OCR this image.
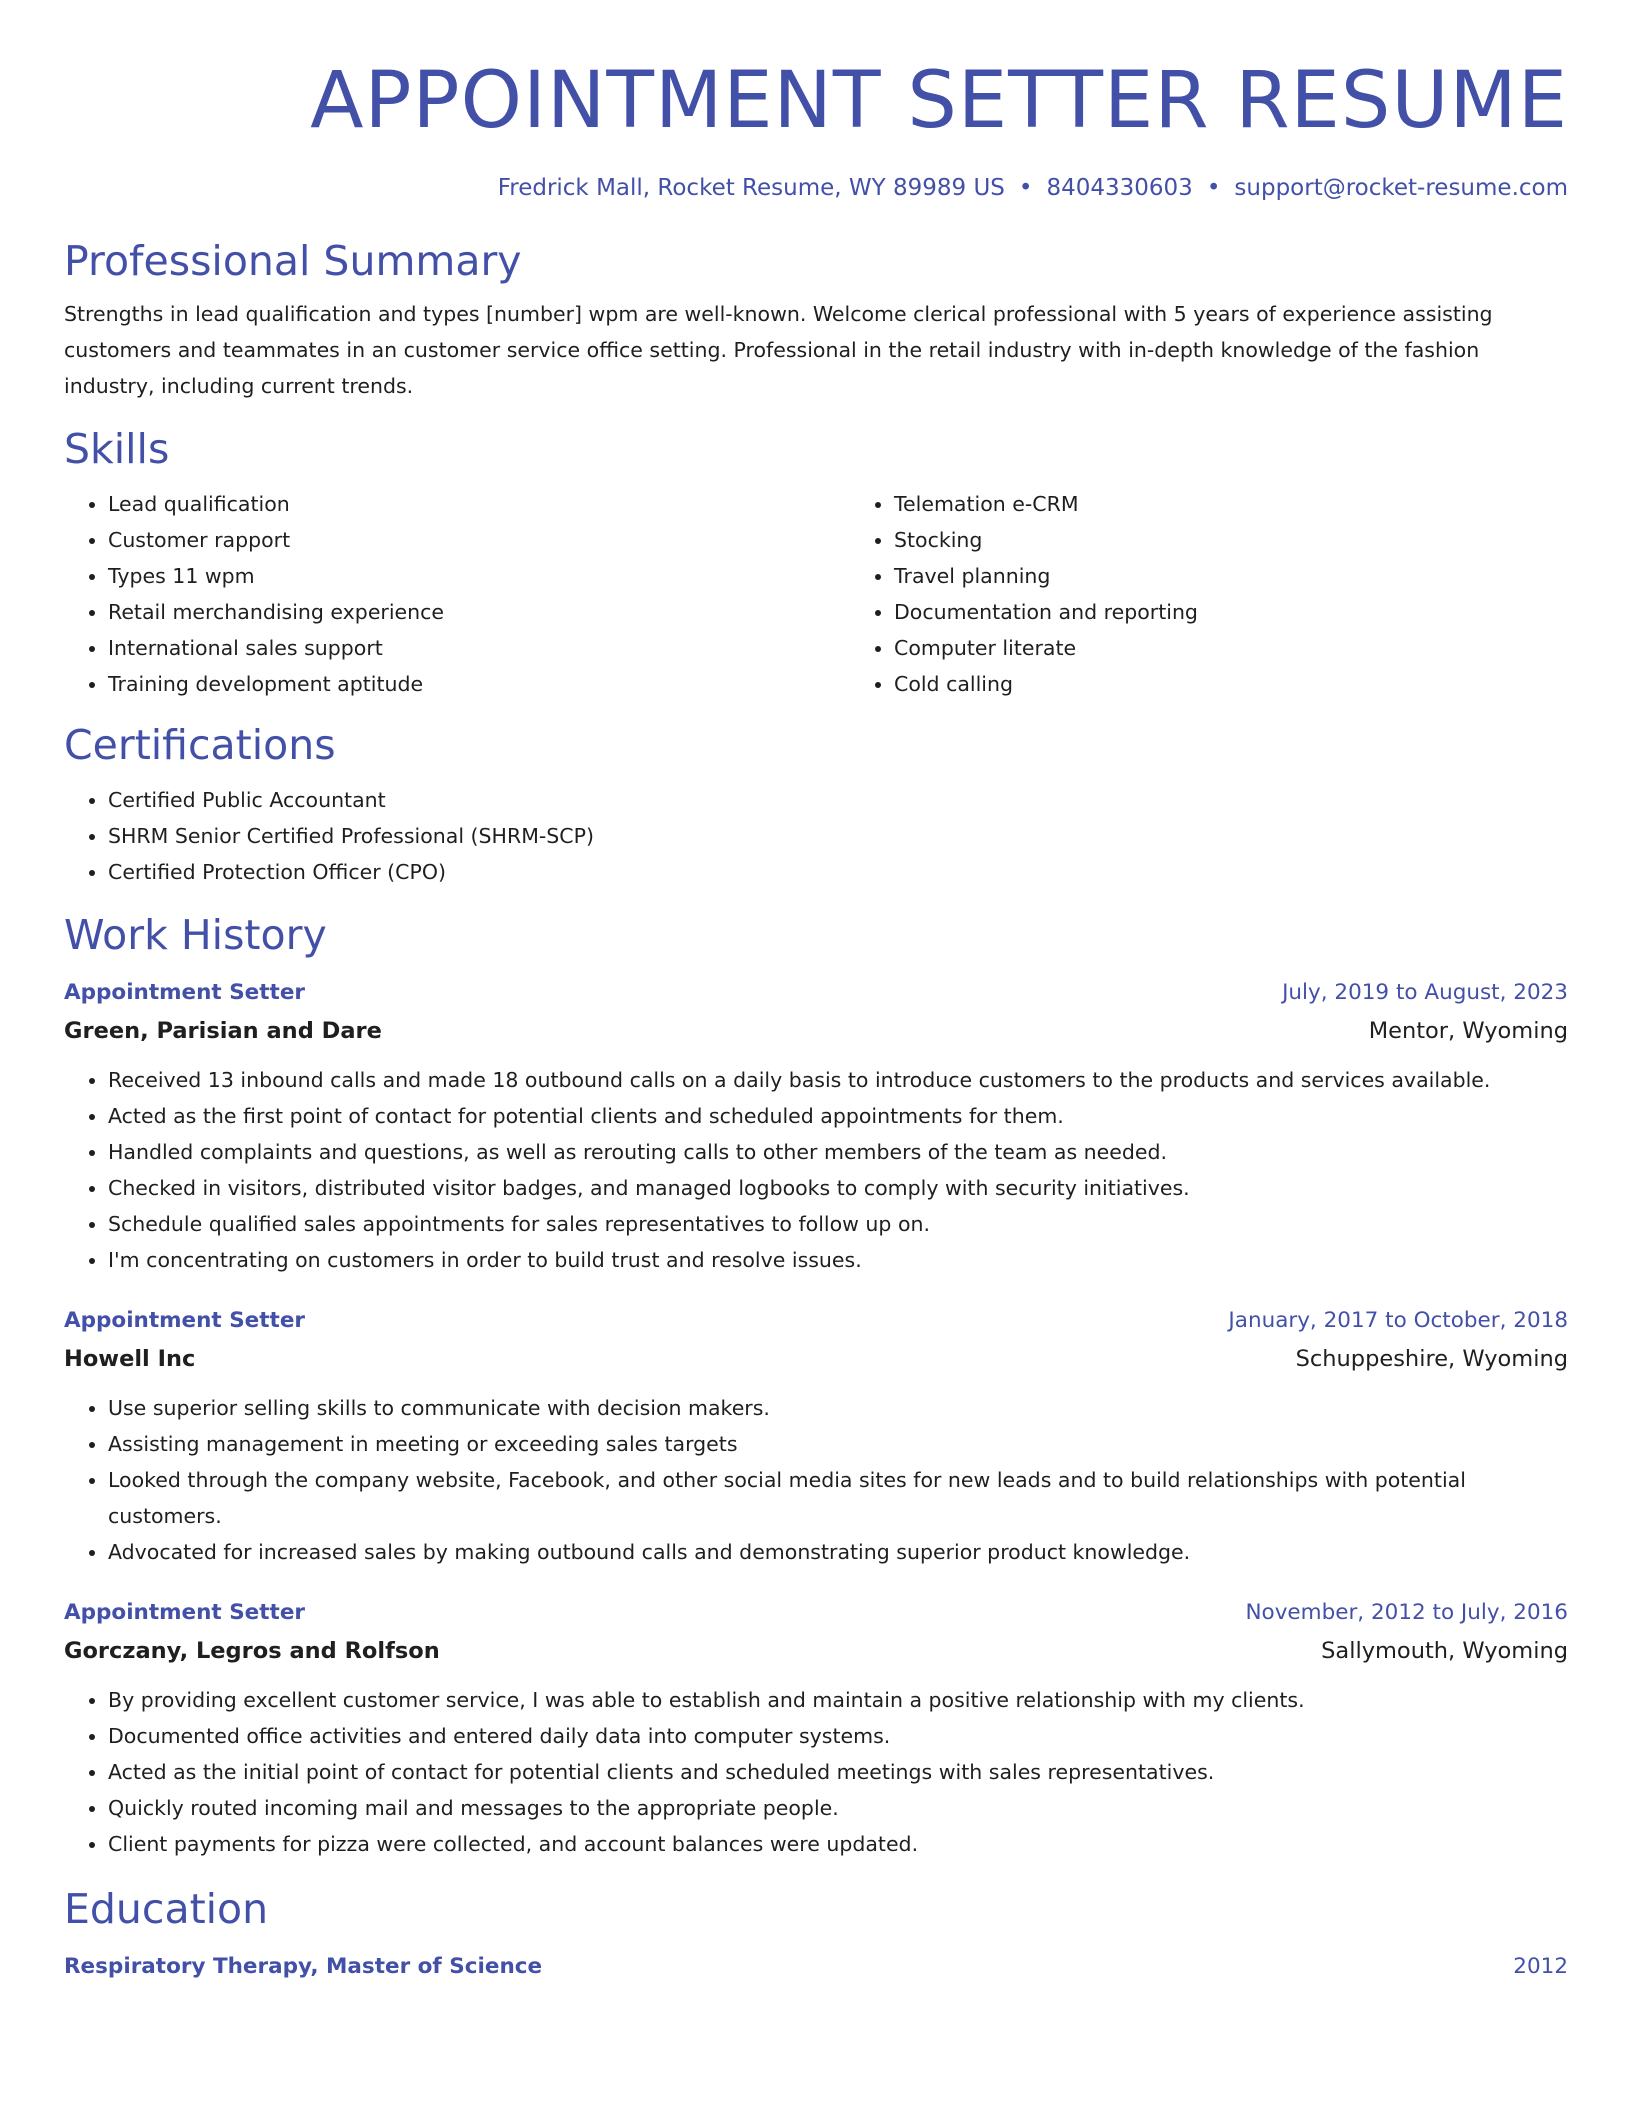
APPOINTMENT SETTER RESUME
Fredrick Mall, Rocket Resume, WY 89989 US • 8404330603 • support@rocket-resume.com
Professional Summary

Strengths in lead qualification and types [number] wpm are well-known. Welcome clerical professional with 5 years of experience assisting customers and teammates in an customer service office setting. Professional in the retail industry with in-depth knowledge of the fashion industry, including current trends.

Skills
• Lead qualification
• Customer rapport
• Types 11 wpm
• Retail merchandising experience
• International sales support
• Training development aptitude
• Telemation e-CRM
• Stocking
• Travel planning
• Documentation and reporting
• Computer literate
• Cold calling
Certifications
• Certified Public Accountant
• SHRM Senior Certified Professional (SHRM-SCP)
• Certified Protection Officer (CPO)
Work History
Appointment Setter	July, 2019 to August, 2023
Green, Parisian and Dare	Mentor, Wyoming
• Received 13 inbound calls and made 18 outbound calls on a daily basis to introduce customers to the products and services available.
• Acted as the first point of contact for potential clients and scheduled appointments for them.
• Handled complaints and questions, as well as rerouting calls to other members of the team as needed.
• Checked in visitors, distributed visitor badges, and managed logbooks to comply with security initiatives.
• Schedule qualified sales appointments for sales representatives to follow up on.
• I'm concentrating on customers in order to build trust and resolve issues.
Appointment Setter	January, 2017 to October, 2018
Howell Inc	Schuppeshire, Wyoming
• Use superior selling skills to communicate with decision makers.
• Assisting management in meeting or exceeding sales targets
• Looked through the company website, Facebook, and other social media sites for new leads and to build relationships with potential customers.
• Advocated for increased sales by making outbound calls and demonstrating superior product knowledge.
Appointment Setter	November, 2012 to July, 2016
Gorczany, Legros and Rolfson	Sallymouth, Wyoming
• By providing excellent customer service, I was able to establish and maintain a positive relationship with my clients.
• Documented office activities and entered daily data into computer systems.
• Acted as the initial point of contact for potential clients and scheduled meetings with sales representatives.
• Quickly routed incoming mail and messages to the appropriate people.
• Client payments for pizza were collected, and account balances were updated.
Education
Respiratory Therapy, Master of Science	2012
